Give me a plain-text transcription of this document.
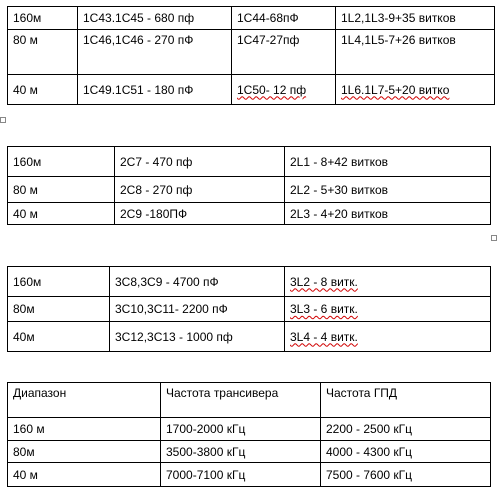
160м	1С43.1С45 - 680 пф	1С44-68пФ	1L2,1L3-9+35 витков
80 м	1С46,1С46 - 270 пФ	1С47-27пф	1L4,1L5-7+26 витков
40 м	1С49.1С51 - 180 пФ	1С50- 12 пф	1L6.1L7-5+20 витко
160м	2С7 - 470 пф	2L1 - 8+42 витков
80 м	2С8 - 270 пф	2L2 - 5+30 витков
40 м	2С9 -180ПФ	2L3 - 4+20 витков
160м	3С8,3С9 - 4700 пФ	3L2 - 8 витк.
80м	3С10,3С11- 2200 пФ	3L3 - 6 витк.
40м	3С12,3С13 - 1000 пф	3L4 - 4 витк.
Диапазон	Частота трансивера	Частота ГПД
160 м	1700-2000 кГц	2200 - 2500 кГц
80м	3500-3800 кГц	4000 - 4300 кГц
40 м	7000-7100 кГц	7500 - 7600 кГц
